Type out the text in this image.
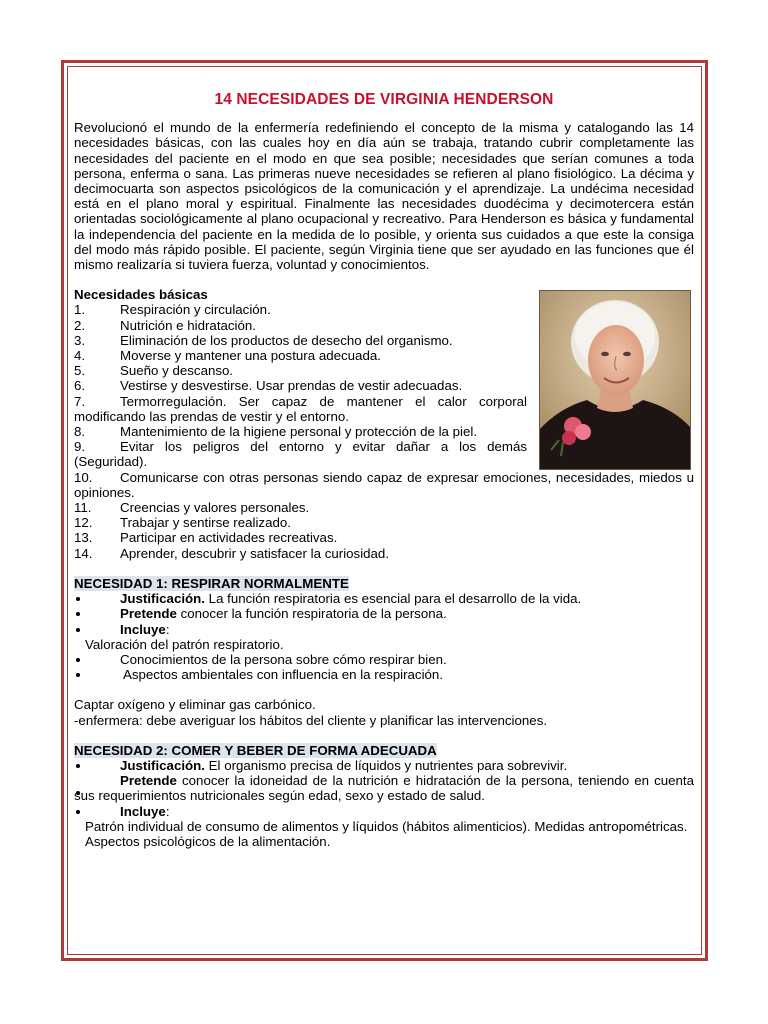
14 NECESIDADES DE VIRGINIA HENDERSON

Revolucionó el mundo de la enfermería redefiniendo el concepto de la misma y catalogando las 14 necesidades básicas, con las cuales hoy en día aún se trabaja, tratando cubrir completamente las necesidades del paciente en el modo en que sea posible; necesidades que serían comunes a toda persona, enferma o sana. Las primeras nueve necesidades se refieren al plano fisiológico. La décima y decimocuarta son aspectos psicológicos de la comunicación y el aprendizaje. La undécima necesidad está en el plano moral y espiritual. Finalmente las necesidades duodécima y decimotercera están orientadas sociológicamente al plano ocupacional y recreativo. Para Henderson es básica y fundamental la independencia del paciente en la medida de lo posible, y orienta sus cuidados a que este la consiga del modo más rápido posible. El paciente, según Virginia tiene que ser ayudado en las funciones que él mismo realizaría si tuviera fuerza, voluntad y conocimientos.

Necesidades básicas

1.	Respiración y circulación.
2.	Nutrición e hidratación.
3.	Eliminación de los productos de desecho del organismo.
4.	Moverse y mantener una postura adecuada.
5.	Sueño y descanso.
6.	Vestirse y desvestirse. Usar prendas de vestir adecuadas.
7.	Termorregulación. Ser capaz de mantener el calor corporal modificando las prendas de vestir y el entorno.
8.	Mantenimiento de la higiene personal y protección de la piel.
9.	Evitar los peligros del entorno y evitar dañar a los demás (Seguridad).
10. Comunicarse con otras personas siendo capaz de expresar emociones, necesidades, miedos u opiniones.
11.	Creencias y valores personales.
12.	Trabajar y sentirse realizado.
13.	Participar en actividades recreativas.
14.	Aprender, descubrir y satisfacer la curiosidad.

NECESIDAD 1: RESPIRAR NORMALMENTE

Justificación. La función respiratoria es esencial para el desarrollo de la vida.
Pretende conocer la función respiratoria de la persona.
Incluye:

Valoración del patrón respiratorio.

Conocimientos de la persona sobre cómo respirar bien.
Aspectos ambientales con influencia en la respiración.

Captar oxígeno y eliminar gas carbónico.

-enfermera: debe averiguar los hábitos del cliente y planificar las intervenciones.

NECESIDAD 2: COMER Y BEBER DE FORMA ADECUADA

Justificación. El organismo precisa de líquidos y nutrientes para sobrevivir.
Pretende conocer la idoneidad de la nutrición e hidratación de la persona, teniendo en cuenta sus requerimientos nutricionales según edad, sexo y estado de salud.
Incluye:

Patrón individual de consumo de alimentos y líquidos (hábitos alimenticios). Medidas antropométricas.

Aspectos psicológicos de la alimentación.
